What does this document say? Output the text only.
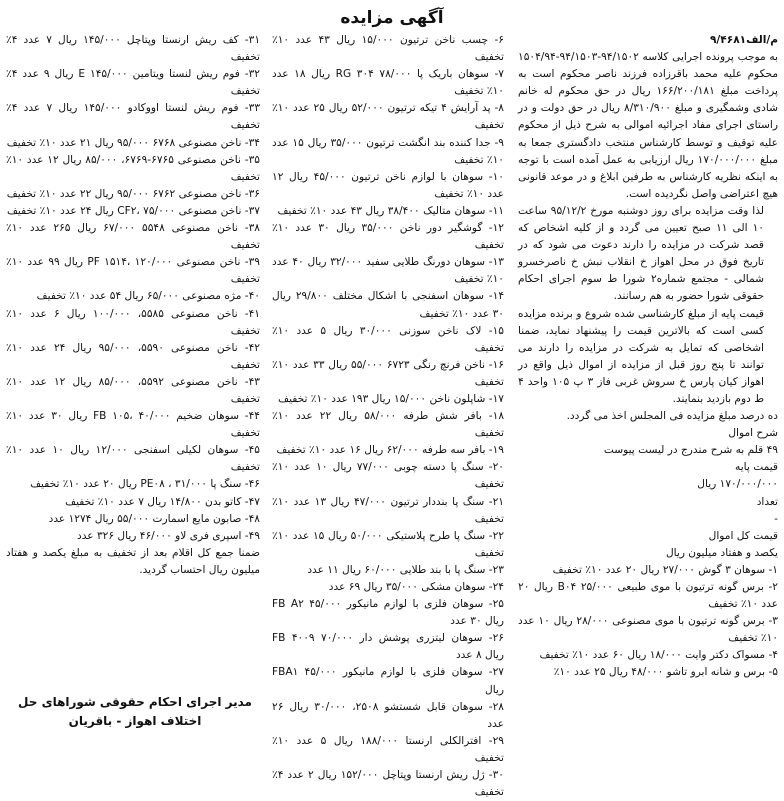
آگهی مزایده
۹/۴۶۸۱م/الف

به موجب پرونده اجرایی کلاسه ۹۴/۱۵۰۲-۹۴/۱۵۰۳-۱۵۰۴/۹۴ محکوم علیه محمد باقرزاده فرزند ناصر محکوم است به پرداخت مبلغ ۱۶۶/۲۰۰/۱۸۱ ریال در حق محکوم له خانم شادی وشمگیری و مبلغ ۸/۳۱۰/۹۰۰ ریال در حق دولت و در راستای اجرای مفاد اجرائیه اموالی به شرح ذیل از محکوم علیه توقیف و توسط کارشناس منتخب دادگستری جمعا به مبلغ ۱۷۰/۰۰۰/۰۰۰ ریال ارزیابی به عمل آمده است با توجه به اینکه نظریه کارشناس به طرفین ابلاغ و در موعد قانونی هیچ اعتراضی واصل نگردیده است.

لذا وقت مزایده برای روز دوشنبه مورخ ۹۵/۱۲/۲ ساعت ۱۰ الی ۱۱ صبح تعیین می گردد و از کلیه اشخاص که قصد شرکت در مزایده را دارند دعوت می شود که در تاریخ فوق در محل اهواز خ انقلاب نبش خ ناصرخسرو شمالی - مجتمع شماره۲ شورا ط سوم اجرای احکام حقوقی شورا حضور به هم رسانند.

قیمت پایه از مبلغ کارشناسی شده شروع و برنده مزایده کسی است که بالاترین قیمت را پیشنهاد نماید، ضمنا اشخاصی که تمایل به شرکت در مزایده را دارند می توانند تا پنج روز قبل از مزایده از اموال ذیل واقع در اهواز کیان پارس خ سروش غربی فاز ۳ پ ۱۰۵ واحد ۴ ط دوم بازدید بنمایند.

ده درصد مبلغ مزایده فی المجلس اخذ می گردد.

شرح اموال
۴۹ قلم به شرح مندرج در لیست پیوست
قیمت پایه
۱۷۰/۰۰۰/۰۰۰ ریال
تعداد
-
قیمت کل اموال
یکصد و هفتاد میلیون ریال
۱- سوهان ۳ گوش ۲۷/۰۰۰ ریال ۲۰ عدد ۱۰٪ تخفیف
۲- برس گونه ترتیون با موی طبیعی B۰۴ ۲۵/۰۰۰ ریال ۲۰ عدد ۱۰٪ تخفیف
۳- برس گونه ترتیون با موی مصنوعی ۲۸/۰۰۰ ریال ۱۰ عدد ۱۰٪ تخفیف
۴- مسواک دکتر وایت ۱۸/۰۰۰ ریال ۶۰ عدد ۱۰٪ تخفیف
۵- برس و شانه ابرو تاشو ۴۸/۰۰۰ ریال ۲۵ عدد ۱۰٪
۶- چسب ناخن ترتیون ۱۵/۰۰۰ ریال ۴۳ عدد ۱۰٪ تخفیف
۷- سوهان باریک پا RG ۳۰۴ ۷۸/۰۰۰ ریال ۱۸ عدد ۱۰٪ تخفیف
۸- پد آرایش ۴ تیکه ترتیون ۵۲/۰۰۰ ریال ۲۵ عدد ۱۰٪ تخفیف
۹- جدا کننده بند انگشت ترتیون ۳۵/۰۰۰ ریال ۱۵ عدد ۱۰٪ تخفیف
۱۰- سوهان با لوازم ناخن ترتیون ۴۵/۰۰۰ ریال ۱۲ عدد ۱۰٪ تخفیف
۱۱- سوهان متالیک ۳۸/۴۰۰ ریال ۴۳ عدد ۱۰٪ تخفیف
۱۲- گوشگیر دور ناخن ۳۵/۰۰۰ ریال ۳۰ عدد ۱۰٪ تخفیف
۱۳- سوهان دورنگ طلایی سفید ۳۲/۰۰۰ ریال ۴۰ عدد ۱۰٪ تخفیف
۱۴- سوهان اسفنجی با اشکال مختلف ۲۹/۸۰۰ ریال ۳۰ عدد ۱۰٪ تخفیف
۱۵- لاک ناخن سوزنی ۳۰/۰۰۰ ریال ۵ عدد ۱۰٪ تخفیف
۱۶- ناخن فرنچ رنگی ۶۷۲۳ ۵۵/۰۰۰ ریال ۳۳ عدد ۱۰٪ تخفیف
۱۷- شاپلون ناخن ۱۵/۰۰۰ ریال ۱۹۳ عدد ۱۰٪ تخفیف
۱۸- بافر شش طرفه ۵۸/۰۰۰ ریال ۲۲ عدد ۱۰٪ تخفیف
۱۹- بافر سه طرفه ۶۲/۰۰۰ ریال ۱۶ عدد ۱۰٪ تخفیف
۲۰- سنگ پا دسته چوبی ۷۷/۰۰۰ ریال ۱۰ عدد ۱۰٪ تخفیف
۲۱- سنگ پا بنددار ترتیون ۴۷/۰۰۰ ریال ۱۳ عدد ۱۰٪ تخفیف
۲۲- سنگ پا طرح پلاستیکی ۵۰/۰۰۰ ریال ۱۵ عدد ۱۰٪ تخفیف
۲۳- سنگ پا با بند طلایی ۶۰/۰۰۰ ریال ۱۱ عدد
۲۴- سوهان مشکی ۳۵/۰۰۰ ریال ۶۹ عدد
۲۵- سوهان فلزی با لوازم مانیکور FB A۲ ۴۵/۰۰۰ ریال ۳۰ عدد
۲۶- سوهان لیتزری پوشش دار FB ۴۰۰۹ ۷۰/۰۰۰ ریال ۸ عدد
۲۷- سوهان فلزی با لوازم مانیکور FBA۱ ۴۵/۰۰۰ ریال
۲۸- سوهان قابل شستشو ۲۵۰۸، ۳۰/۰۰۰ ریال ۲۶ عدد
۲۹- افترالکلی ارنستا ۱۸۸/۰۰۰ ریال ۵ عدد ۱۰٪ تخفیف
۳۰- ژل ریش ارنستا وپتاچل ۱۵۲/۰۰۰ ریال ۲ عدد ۴٪ تخفیف
۳۱- کف ریش ارنستا وپتاچل ۱۴۵/۰۰۰ ریال ۷ عدد ۴٪ تخفیف
۳۲- فوم ریش لنستا ویتامین E ۱۴۵/۰۰۰ ریال ۹ عدد ۴٪ تخفیف
۳۳- فوم ریش لنستا اووکادو ۱۴۵/۰۰۰ ریال ۷ عدد ۴٪ تخفیف
۳۴- ناخن مصنوعی ۶۷۶۸ ۹۵/۰۰۰ ریال ۲۱ عدد ۱۰٪ تخفیف
۳۵- ناخن مصنوعی ۶۷۶۵-۶۷۶۹، ۸۵/۰۰۰ ریال ۱۲ عدد ۱۰٪ تخفیف
۳۶- ناخن مصنوعی ۶۷۶۲ ۹۵/۰۰۰ ریال ۲۲ عدد ۱۰٪ تخفیف
۳۷- ناخن مصنوعی CF۲، ۷۵/۰۰۰ ریال ۲۴ عدد ۱۰٪ تخفیف
۳۸- ناخن مصنوعی ۵۵۴۸ ۶۷/۰۰۰ ریال ۲۶۵ عدد ۱۰٪ تخفیف
۳۹- ناخن مصنوعی PF ۱۵۱۴، ۱۲۰/۰۰۰ ریال ۹۹ عدد ۱۰٪ تخفیف
۴۰- مژه مصنوعی ۶۵/۰۰۰ ریال ۵۴ عدد ۱۰٪ تخفیف
۴۱- ناخن مصنوعی ۵۵۸۵، ۱۰۰/۰۰۰ ریال ۶ عدد ۱۰٪ تخفیف
۴۲- ناخن مصنوعی ۵۵۹۰، ۹۵/۰۰۰ ریال ۲۴ عدد ۱۰٪ تخفیف
۴۳- ناخن مصنوعی ۵۵۹۲، ۸۵/۰۰۰ ریال ۱۲ عدد ۱۰٪ تخفیف
۴۴- سوهان ضخیم FB ۱۰۵، ۴۰/۰۰۰ ریال ۳۰ عدد ۱۰٪ تخفیف
۴۵- سوهان لکیلی اسفنجی ۱۲/۰۰۰ ریال ۱۰ عدد ۱۰٪ تخفیف
۴۶- سنگ پا PE۰۸ ، ۳۱/۰۰۰ ریال ۲۰ عدد ۱۰٪ تخفیف
۴۷- کاتو بدن ۱۴/۸۰۰ ریال ۷ عدد ۱۰٪ تخفیف
۴۸- صابون مایع اسمارت ۵۵/۰۰۰ ریال ۱۲۷۴ عدد
۴۹- اسپری فری لاو ۴۶/۰۰۰ ریال ۳۲۶ عدد

ضمنا جمع کل اقلام بعد از تخفیف به مبلغ یکصد و هفتاد میلیون ریال احتساب گردید.

مدیر اجرای احکام حقوقی شوراهای حل
اختلاف اهواز - باقریان
